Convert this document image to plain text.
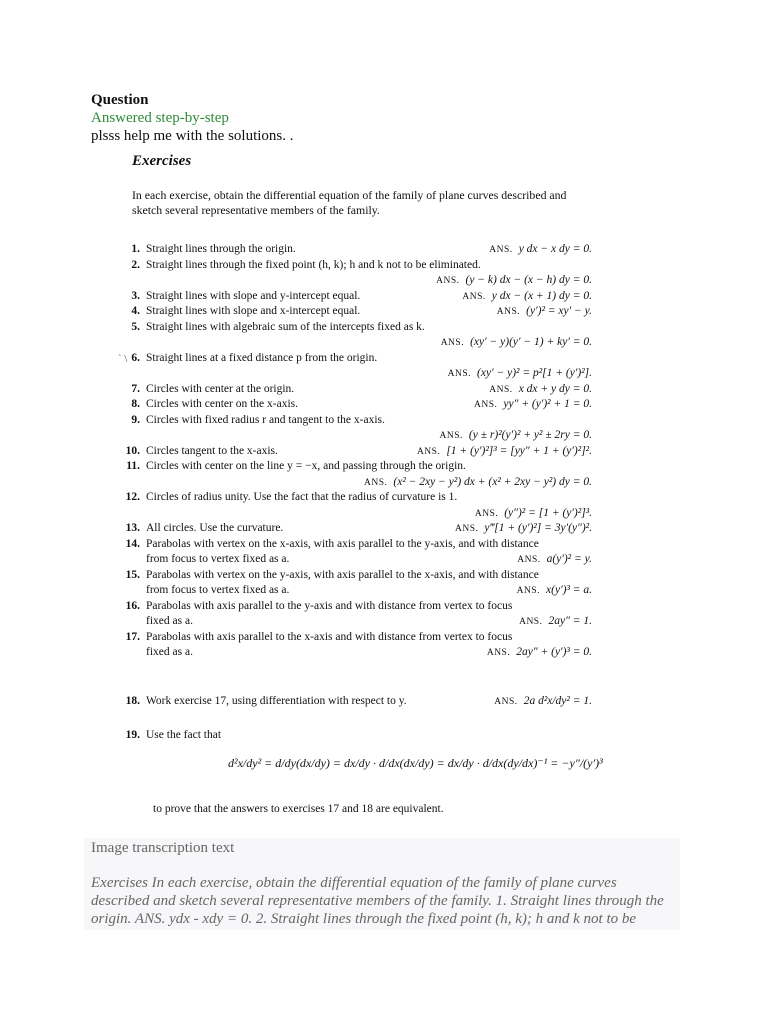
Question
Answered step-by-step
plsss help me with the solutions. .
Exercises
In each exercise, obtain the differential equation of the family of plane curves described and sketch several representative members of the family.
` \
1. Straight lines through the origin.	ANS. y dx − x dy = 0.
2. Straight lines through the fixed point (h, k); h and k not to be eliminated.
ANS. (y − k) dx − (x − h) dy = 0.
3. Straight lines with slope and y-intercept equal.	ANS. y dx − (x + 1) dy = 0.
4. Straight lines with slope and x-intercept equal.	ANS. (y′)² = xy′ − y.
5. Straight lines with algebraic sum of the intercepts fixed as k.
ANS. (xy′ − y)(y′ − 1) + ky′ = 0.
6. Straight lines at a fixed distance p from the origin.
ANS. (xy′ − y)² = p²[1 + (y′)²].
7. Circles with center at the origin.	ANS. x dx + y dy = 0.
8. Circles with center on the x-axis.	ANS. yy″ + (y′)² + 1 = 0.
9. Circles with fixed radius r and tangent to the x-axis.
ANS. (y ± r)²(y′)² + y² ± 2ry = 0.
10. Circles tangent to the x-axis.	ANS. [1 + (y′)²]³ = [yy″ + 1 + (y′)²]².
11. Circles with center on the line y = −x, and passing through the origin.
ANS. (x² − 2xy − y²) dx + (x² + 2xy − y²) dy = 0.
12. Circles of radius unity. Use the fact that the radius of curvature is 1.
ANS. (y″)² = [1 + (y′)²]³.
13. All circles. Use the curvature.	ANS. y‴[1 + (y′)²] = 3y′(y″)².
14. Parabolas with vertex on the x-axis, with axis parallel to the y-axis, and with distance
from focus to vertex fixed as a.	ANS. a(y′)² = y.
15. Parabolas with vertex on the y-axis, with axis parallel to the x-axis, and with distance
from focus to vertex fixed as a.	ANS. x(y′)³ = a.
16. Parabolas with axis parallel to the y-axis and with distance from vertex to focus
fixed as a.	ANS. 2ay″ = 1.
17. Parabolas with axis parallel to the x-axis and with distance from vertex to focus
fixed as a.	ANS. 2ay″ + (y′)³ = 0.
18. Work exercise 17, using differentiation with respect to y.	ANS. 2a d²x/dy² = 1.
19. Use the fact that
d²x/dy² = d/dy(dx/dy) = dx/dy · d/dx(dx/dy) = dx/dy · d/dx(dy/dx)⁻¹ = −y″/(y′)³
to prove that the answers to exercises 17 and 18 are equivalent.
Image transcription text
Exercises In each exercise, obtain the differential equation of the family of plane curves described and sketch several representative members of the family. 1. Straight lines through the origin. ANS. ydx - xdy = 0. 2. Straight lines through the fixed point (h, k); h and k not to be
